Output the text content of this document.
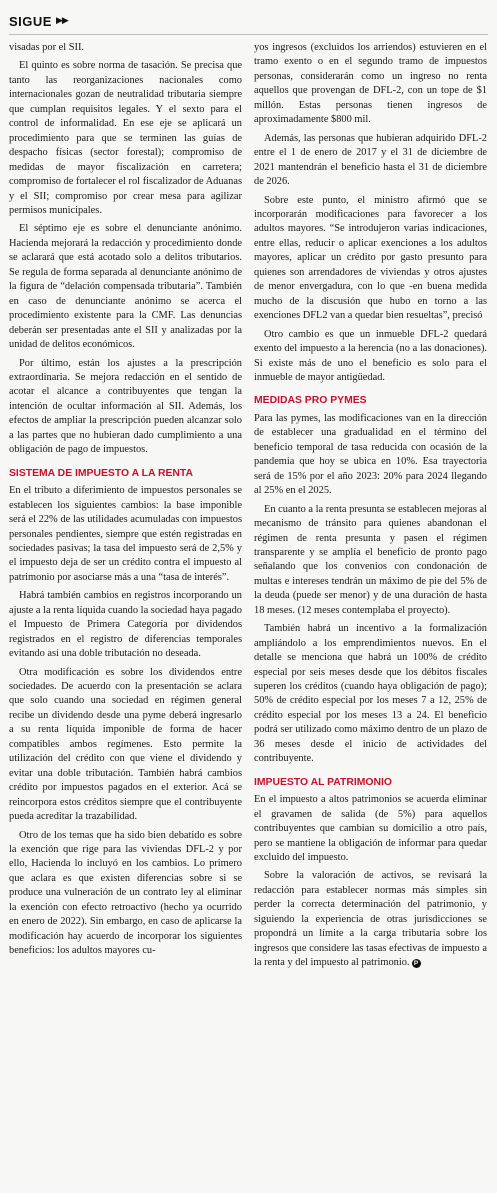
SIGUE ▶▶

visadas por el SII.

El quinto es sobre norma de tasación. Se precisa que tanto las reorganizaciones nacionales como internacionales gozan de neutralidad tributaria siempre que cumplan requisitos legales. Y el sexto para el control de informalidad. En ese eje se aplicará un procedimiento para que se terminen las guías de despacho físicas (sector forestal); compromiso de medidas de mayor fiscalización en carretera; compromiso de fortalecer el rol fiscalizador de Aduanas y el SII; compromiso por crear mesa para agilizar permisos municipales.

El séptimo eje es sobre el denunciante anónimo. Hacienda mejorará la redacción y procedimiento donde se aclarará que está acotado solo a delitos tributarios. Se regula de forma separada al denunciante anónimo de la figura de “delación compensada tributaria”. También en caso de denunciante anónimo se acerca el procedimiento existente para la CMF. Las denuncias deberán ser presentadas ante el SII y analizadas por la unidad de delitos económicos.

Por último, están los ajustes a la prescripción extraordinaria. Se mejora redacción en el sentido de acotar el alcance a contribuyentes que tengan la intención de ocultar información al SII. Además, los efectos de ampliar la prescripción pueden alcanzar solo a las partes que no hubieran dado cumplimiento a una obligación de pago de impuestos.

SISTEMA DE IMPUESTO A LA RENTA

En el tributo a diferimiento de impuestos personales se establecen los siguientes cambios: la base imponible será el 22% de las utilidades acumuladas con impuestos personales pendientes, siempre que estén registradas en sociedades pasivas; la tasa del impuesto será de 2,5% y el impuesto deja de ser un crédito contra el impuesto al patrimonio por asociarse más a una “tasa de interés”.

Habrá también cambios en registros incorporando un ajuste a la renta líquida cuando la sociedad haya pagado el Impuesto de Primera Categoría por dividendos registrados en el registro de diferencias temporales evitando así una doble tributación no deseada.

Otra modificación es sobre los dividendos entre sociedades. De acuerdo con la presentación se aclara que solo cuando una sociedad en régimen general recibe un dividendo desde una pyme deberá ingresarlo a su renta líquida imponible de forma de hacer compatibles ambos regímenes. Esto permite la utilización del crédito con que viene el dividendo y evitar una doble tributación. También habrá cambios crédito por impuestos pagados en el exterior. Acá se reincorpora estos créditos siempre que el contribuyente pueda acreditar la trazabilidad.

Otro de los temas que ha sido bien debatido es sobre la exención que rige para las viviendas DFL-2 y por ello, Hacienda lo incluyó en los cambios. Lo primero que aclara es que existen diferencias sobre si se produce una vulneración de un contrato ley al eliminar la exención con efecto retroactivo (hecho ya ocurrido en enero de 2022). Sin embargo, en caso de aplicarse la modificación hay acuerdo de incorporar los siguientes beneficios: los adultos mayores cu-

yos ingresos (excluidos los arriendos) estuvieren en el tramo exento o en el segundo tramo de impuestos personas, considerarán como un ingreso no renta aquellos que provengan de DFL-2, con un tope de $1 millón. Estas personas tienen ingresos de aproximadamente $800 mil.

Además, las personas que hubieran adquirido DFL-2 entre el 1 de enero de 2017 y el 31 de diciembre de 2021 mantendrán el beneficio hasta el 31 de diciembre de 2026.

Sobre este punto, el ministro afirmó que se incorporarán modificaciones para favorecer a los adultos mayores. “Se introdujeron varias indicaciones, entre ellas, reducir o aplicar exenciones a los adultos mayores, aplicar un crédito por gasto presunto para quienes son arrendadores de viviendas y otros ajustes de menor envergadura, con lo que -en buena medida mucho de la discusión que hubo en torno a las exenciones DFL2 van a quedar bien resueltas”, precisó

Otro cambio es que un inmueble DFL-2 quedará exento del impuesto a la herencia (no a las donaciones). Si existe más de uno el beneficio es solo para el inmueble de mayor antigüedad.

MEDIDAS PRO PYMES

Para las pymes, las modificaciones van en la dirección de establecer una gradualidad en el término del beneficio temporal de tasa reducida con ocasión de la pandemia que hoy se ubica en 10%. Esa trayectoria será de 15% por el año 2023: 20% para 2024 llegando al 25% en el 2025.

En cuanto a la renta presunta se establecen mejoras al mecanismo de tránsito para quienes abandonan el régimen de renta presunta y pasen el régimen transparente y se amplía el beneficio de pronto pago señalando que los convenios con condonación de multas e intereses tendrán un máximo de pie del 5% de la deuda (puede ser menor) y de una duración de hasta 18 meses. (12 meses contemplaba el proyecto).

También habrá un incentivo a la formalización ampliándolo a los emprendimientos nuevos. En el detalle se menciona que habrá un 100% de crédito especial por seis meses desde que los débitos fiscales superen los créditos (cuando haya obligación de pago); 50% de crédito especial por los meses 7 a 12, 25% de crédito especial por los meses 13 a 24. El beneficio podrá ser utilizado como máximo dentro de un plazo de 36 meses desde el inicio de actividades del contribuyente.

IMPUESTO AL PATRIMONIO

En el impuesto a altos patrimonios se acuerda eliminar el gravamen de salida (de 5%) para aquellos contribuyentes que cambian su domicilio a otro país, pero se mantiene la obligación de informar para quedar excluido del impuesto.

Sobre la valoración de activos, se revisará la redacción para establecer normas más simples sin perder la correcta determinación del patrimonio, y siguiendo la experiencia de otras jurisdicciones se propondrá un límite a la carga tributaria sobre los ingresos que considere las tasas efectivas de impuesto a la renta y del impuesto al patrimonio. P
